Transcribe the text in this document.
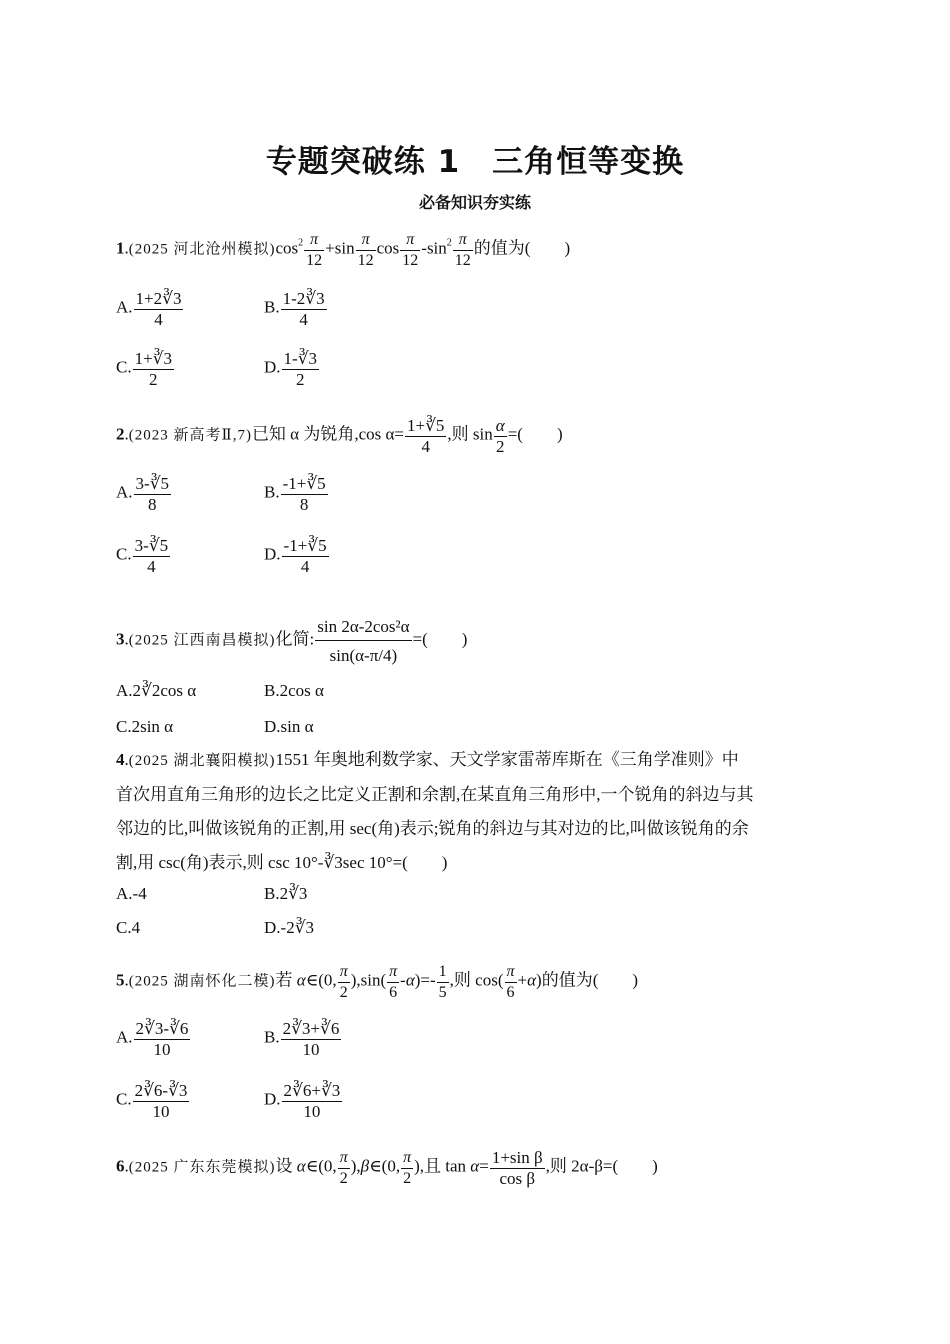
专题突破练 1　三角恒等变换
必备知识夯实练
1.(2025 河北沧州模拟)$\cos^2 \frac{\pi}{12} +\sin \frac{\pi}{12}$ $\cos \frac{\pi}{12} -\sin^2 \frac{\pi}{12}$ 的值为(　　)
A. $\frac{1+2∛3}{4}$	B. $\frac{1-2∛3}{4}$
C. $\frac{1+∛3}{2}$	D. $\frac{1-∛3}{2}$
2.(2023 新高考Ⅱ,7)已知 α 为锐角,cos $\alpha= \frac{1+∛5}{4}$ ,则 $\sin \frac{\alpha}{2}$ =(　　)
A. $\frac{3-∛5}{8}$	B. $\frac{-1+∛5}{8}$
C. $\frac{3-∛5}{4}$	D. $\frac{-1+∛5}{4}$
3.(2025 江西南昌模拟)化简: $\frac{\text{sin 2α-2cos²α}}{\sin(\alpha-\pi/4)}$ =(　　)
A.2∛2cos α	B.2cos α
C.2sin α	D.sin α
4.(2025 湖北襄阳模拟)1551 年奥地利数学家、天文学家雷蒂库斯在《三角学准则》中
首次用直角三角形的边长之比定义正割和余割,在某直角三角形中,一个锐角的斜边与其
邻边的比,叫做该锐角的正割,用 sec(角)表示;锐角的斜边与其对边的比,叫做该锐角的余
割,用 csc(角)表示,则 csc 10°-∛3sec 10°=(　　)
A.-4	B.2∛3
C.4	D.-2∛3
5.(2025 湖南怀化二模)若 α∈(0, $\frac{\pi}{2} ),\sin( \frac{\pi}{6} -\alpha)=- \frac{1}{5}$ ,则 $\cos( \frac{\pi}{6} +\alpha)$的值为(　　)
A. $\frac{2∛3-∛6}{10}$	B. $\frac{2∛3+∛6}{10}$
C. $\frac{2∛6-∛3}{10}$	D. $\frac{2∛6+∛3}{10}$
6.(2025 广东东莞模拟)设 α∈(0, $\frac{\pi}{2}$ ),β∈(0, $\frac{\pi}{2}$ ),且 $\tan \alpha= \frac{\text{1+sin β}}{\text{cos β}}$ ,则 2α-β=(　　)
